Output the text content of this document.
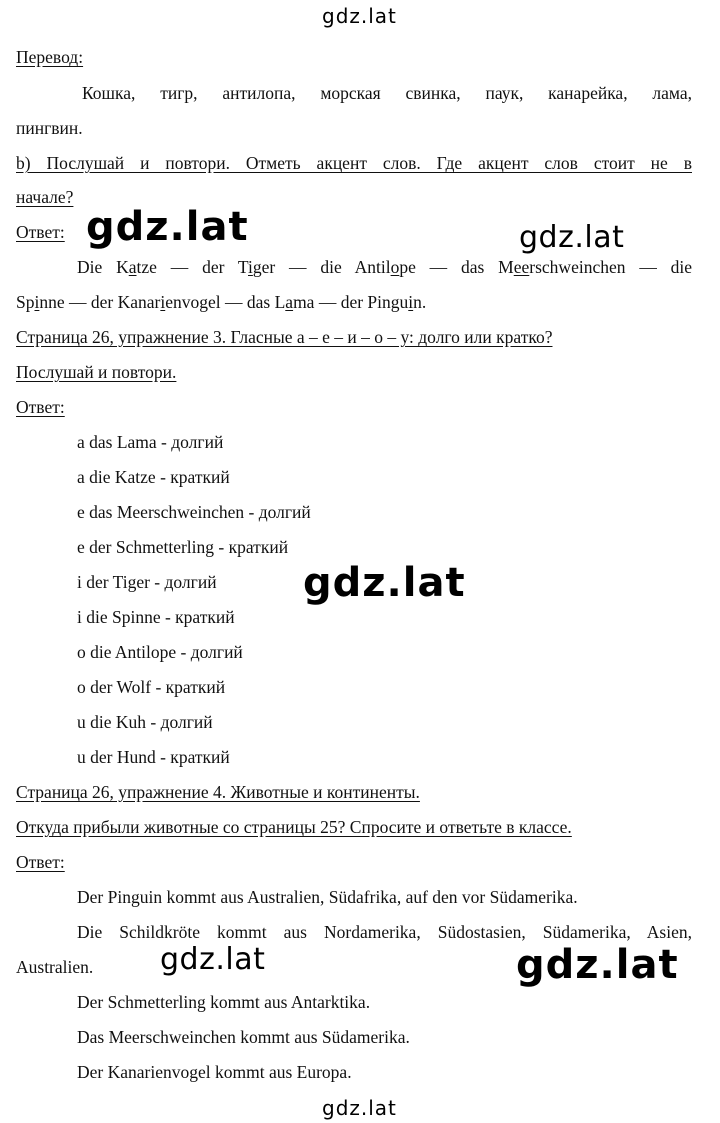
gdz.lat
Перевод:
Кошка, тигр, антилопа, морская свинка, паук, канарейка, лама,
пингвин.
b) Послушай и повтори. Отметь акцент слов. Где акцент слов стоит не в
начале?
Ответ: gdz.lat	gdz.lat
Die Katze — der Tiger — die Antilope — das Meerschweinchen — die
Spinne — der Kanarienvogel — das Lama — der Pinguin.
Страница 26, упражнение 3. Гласные а – е – и – о – у: долго или кратко?
Послушай и повтори.
Ответ:
a das Lama - долгий
a die Katze - краткий
e das Meerschweinchen - долгий
e der Schmetterling - краткий
i der Tiger - долгий
i die Spinne - краткий
o die Antilope - долгий
o der Wolf - краткий
u die Kuh - долгий
u der Hund - краткий
gdz.lat
Страница 26, упражнение 4. Животные и континенты.
Откуда прибыли животные со страницы 25? Спросите и ответьте в классе.
Ответ:
Der Pinguin kommt aus Australien, Südafrika, auf den vor Südamerika.
Die Schildkröte kommt aus Nordamerika, Südostasien, Südamerika, Asien,
Australien.	gdz.lat	gdz.lat
Der Schmetterling kommt aus Antarktika.
Das Meerschweinchen kommt aus Südamerika.
Der Kanarienvogel kommt aus Europa.
gdz.lat
